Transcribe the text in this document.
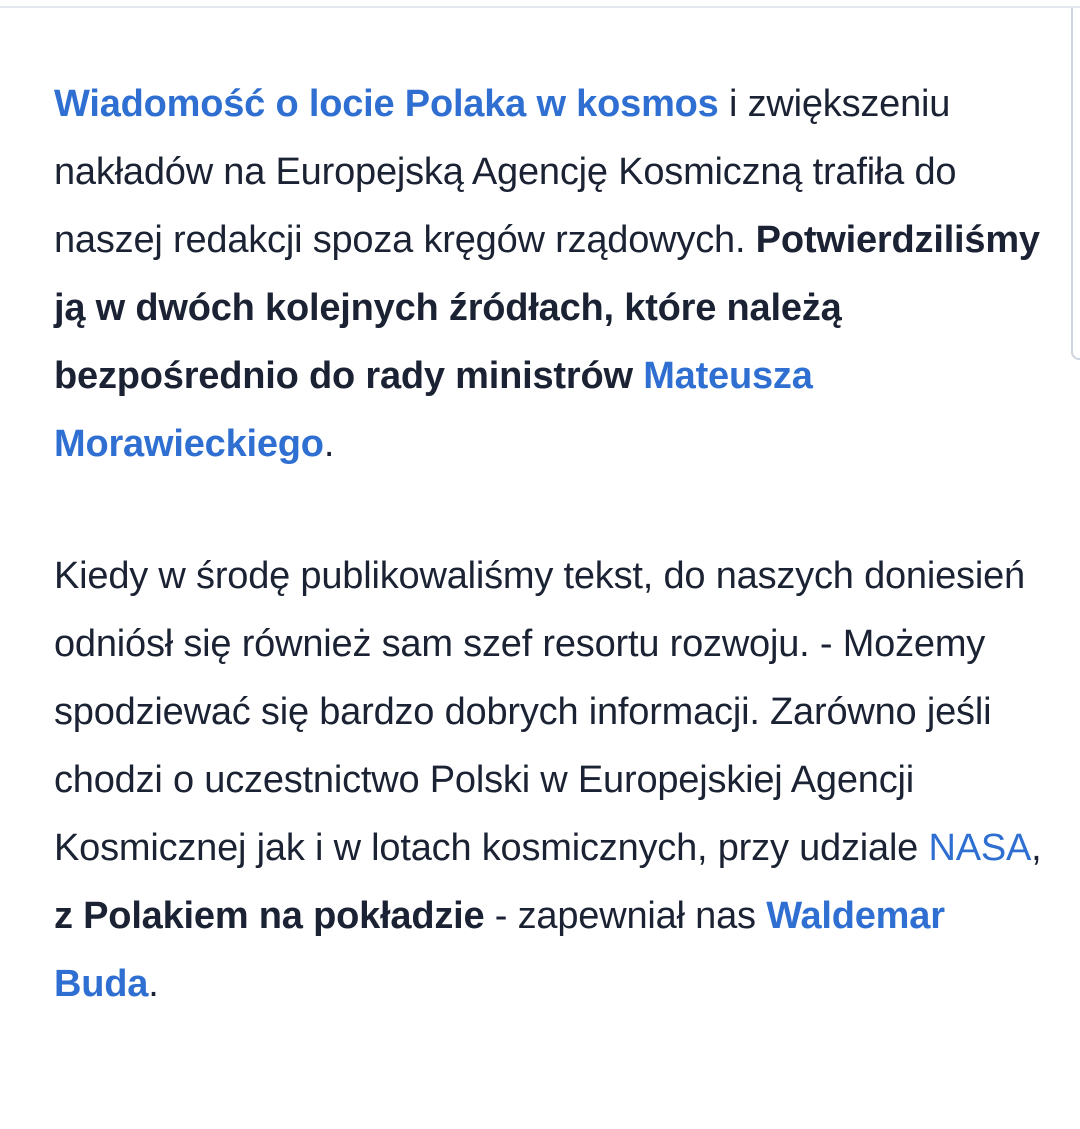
Wiadomość o locie Polaka w kosmos i zwiększeniu nakładów na Europejską Agencję Kosmiczną trafiła do naszej redakcji spoza kręgów rządowych. Potwierdziliśmy ją w dwóch kolejnych źródłach, które należą bezpośrednio do rady ministrów Mateusza Morawieckiego.

Kiedy w środę publikowaliśmy tekst, do naszych doniesień odniósł się również sam szef resortu rozwoju. - Możemy spodziewać się bardzo dobrych informacji. Zarówno jeśli chodzi o uczestnictwo Polski w Europejskiej Agencji Kosmicznej jak i w lotach kosmicznych, przy udziale NASA, z Polakiem na pokładzie - zapewniał nas Waldemar Buda.
